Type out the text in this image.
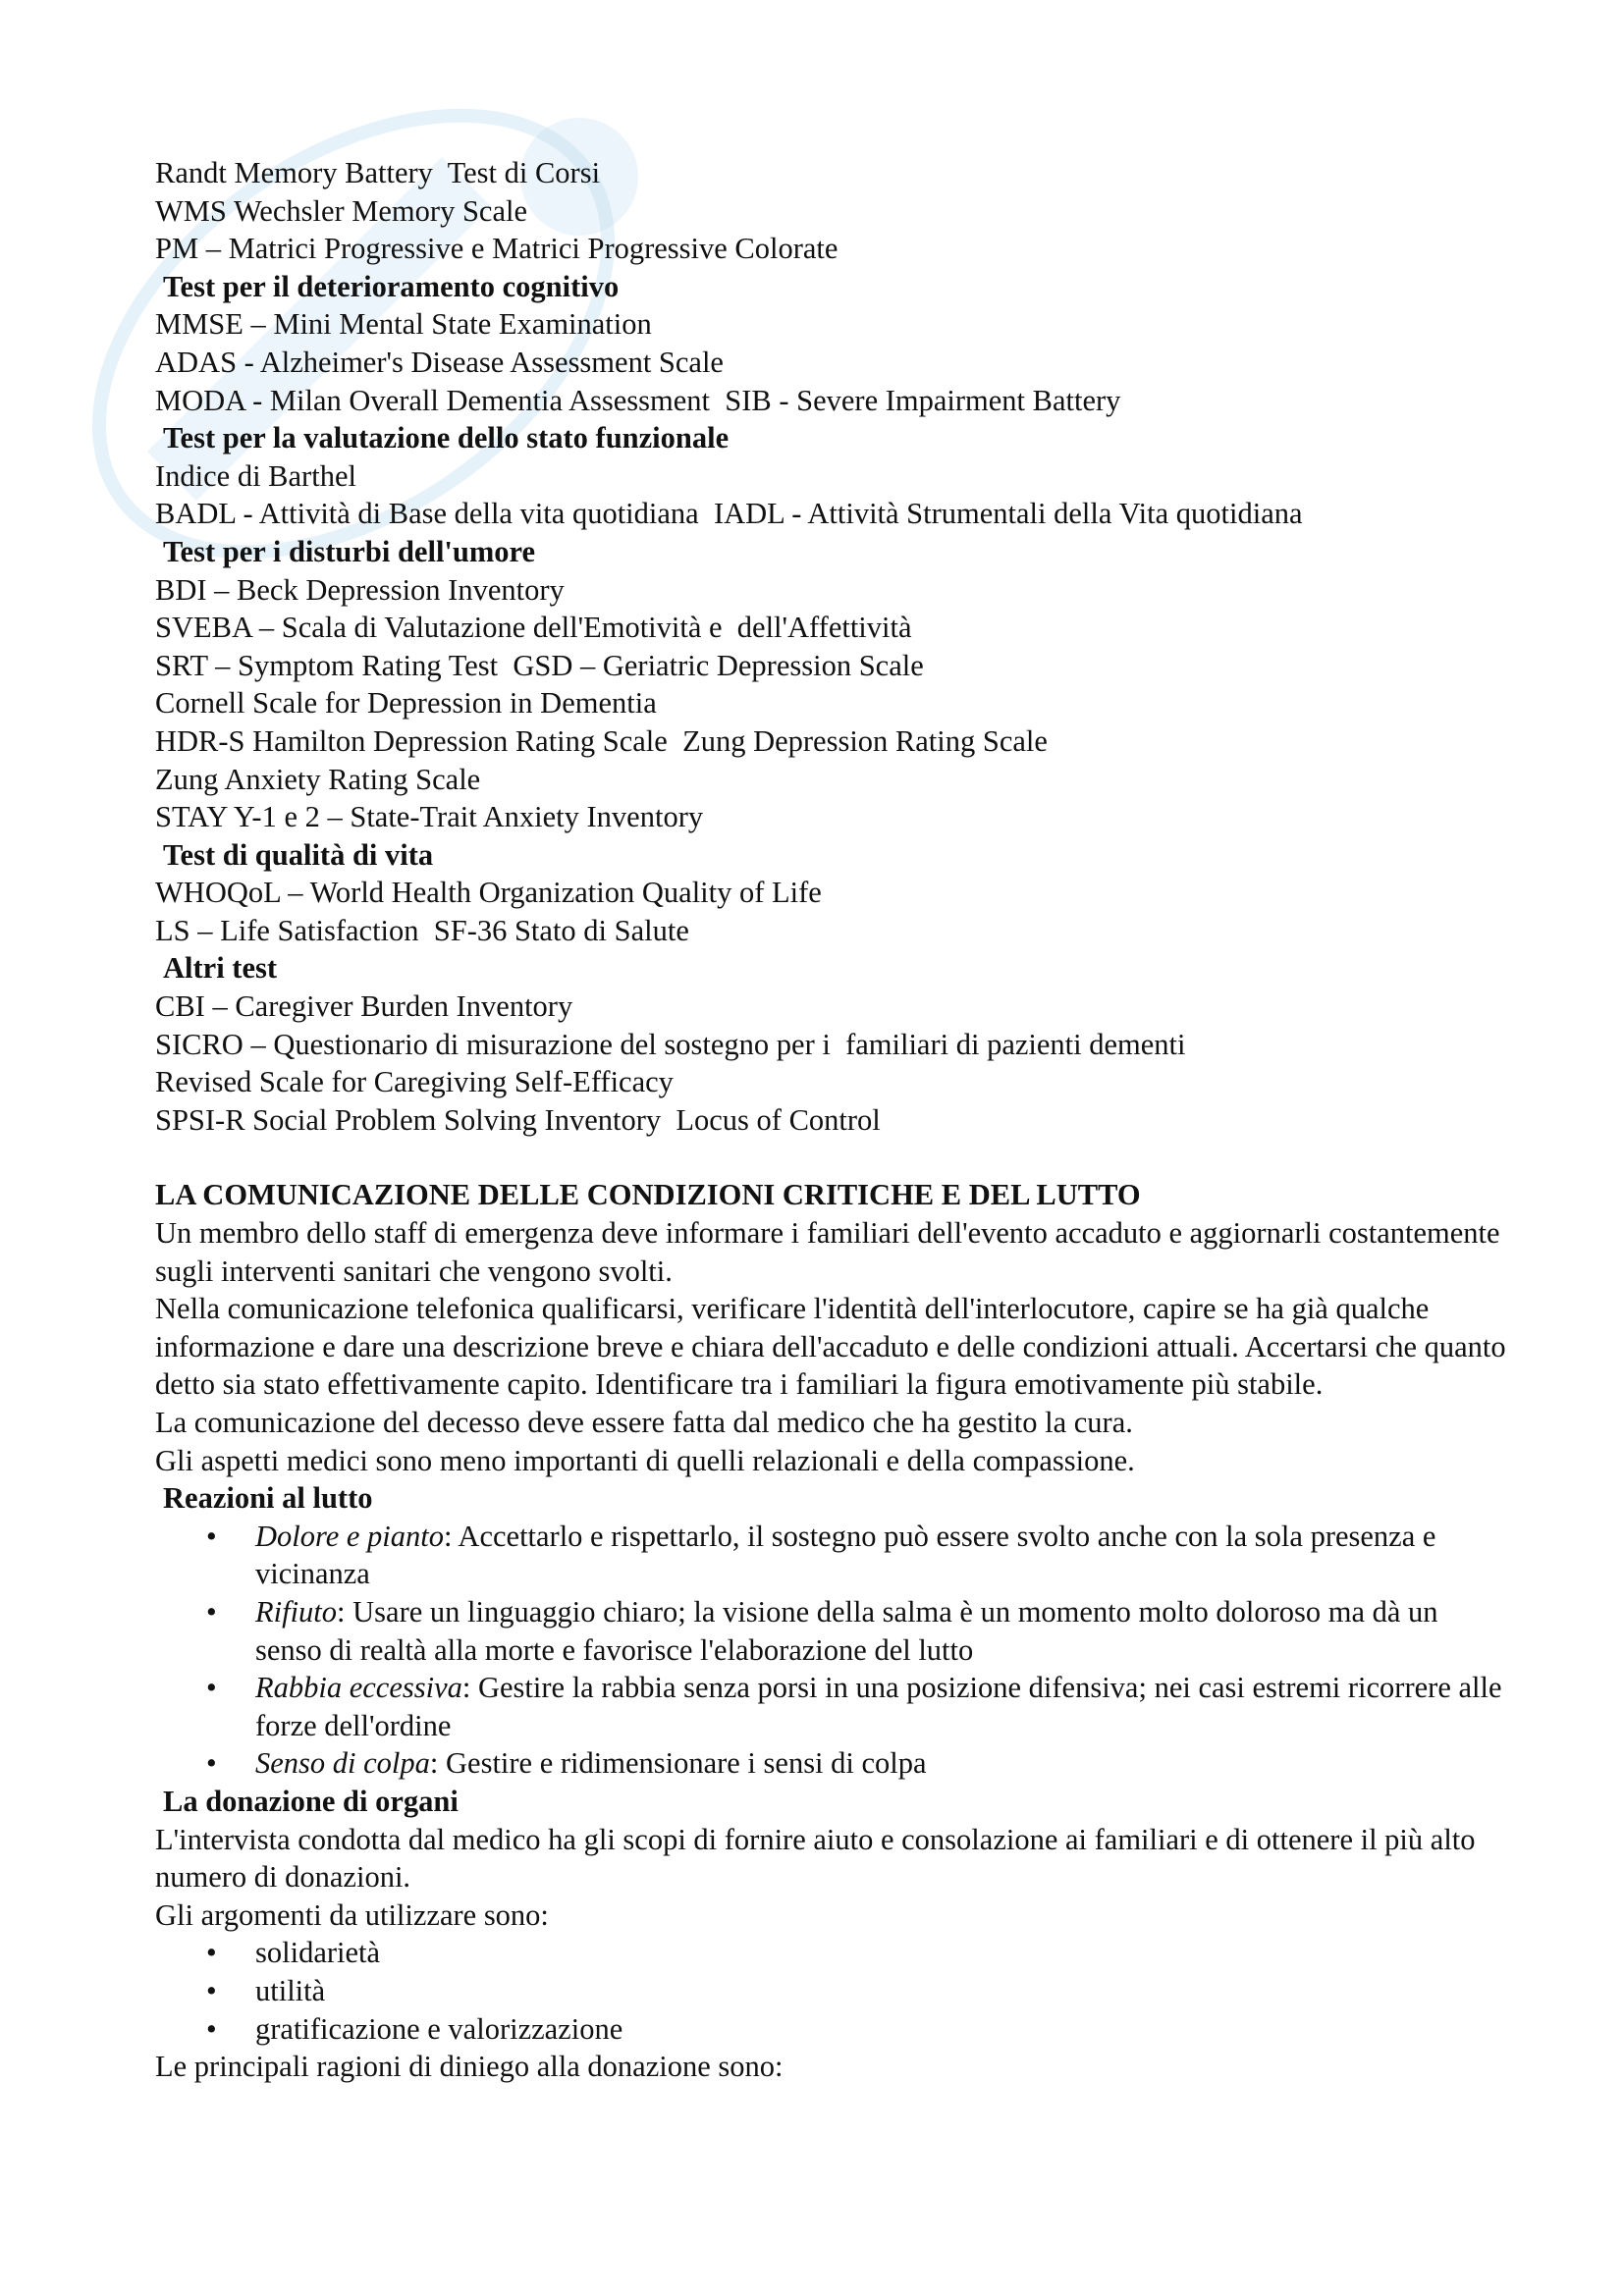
Randt Memory Battery  Test di Corsi

WMS Wechsler Memory Scale

PM – Matrici Progressive e Matrici Progressive Colorate

Test per il deterioramento cognitivo

MMSE – Mini Mental State Examination

ADAS - Alzheimer's Disease Assessment Scale

MODA - Milan Overall Dementia Assessment  SIB - Severe Impairment Battery

Test per la valutazione dello stato funzionale

Indice di Barthel

BADL - Attività di Base della vita quotidiana  IADL - Attività Strumentali della Vita quotidiana

Test per i disturbi dell'umore

BDI – Beck Depression Inventory

SVEBA – Scala di Valutazione dell'Emotività e  dell'Affettività

SRT – Symptom Rating Test  GSD – Geriatric Depression Scale

Cornell Scale for Depression in Dementia

HDR-S Hamilton Depression Rating Scale  Zung Depression Rating Scale

Zung Anxiety Rating Scale

STAY Y-1 e 2 – State-Trait Anxiety Inventory

Test di qualità di vita

WHOQoL – World Health Organization Quality of Life

LS – Life Satisfaction  SF-36 Stato di Salute

Altri test

CBI – Caregiver Burden Inventory

SICRO – Questionario di misurazione del sostegno per i  familiari di pazienti dementi

Revised Scale for Caregiving Self-Efficacy

SPSI-R Social Problem Solving Inventory  Locus of Control

LA COMUNICAZIONE DELLE CONDIZIONI CRITICHE E DEL LUTTO

Un membro dello staff di emergenza deve informare i familiari dell'evento accaduto e aggiornarli costantemente sugli interventi sanitari che vengono svolti.

Nella comunicazione telefonica qualificarsi, verificare l'identità dell'interlocutore, capire se ha già qualche informazione e dare una descrizione breve e chiara dell'accaduto e delle condizioni attuali. Accertarsi che quanto detto sia stato effettivamente capito. Identificare tra i familiari la figura emotivamente più stabile.

La comunicazione del decesso deve essere fatta dal medico che ha gestito la cura.

Gli aspetti medici sono meno importanti di quelli relazionali e della compassione.

Reazioni al lutto

• Dolore e pianto: Accettarlo e rispettarlo, il sostegno può essere svolto anche con la sola presenza e vicinanza
• Rifiuto: Usare un linguaggio chiaro; la visione della salma è un momento molto doloroso ma dà un senso di realtà alla morte e favorisce l'elaborazione del lutto
• Rabbia eccessiva: Gestire la rabbia senza porsi in una posizione difensiva; nei casi estremi ricorrere alle forze dell'ordine
• Senso di colpa: Gestire e ridimensionare i sensi di colpa

La donazione di organi

L'intervista condotta dal medico ha gli scopi di fornire aiuto e consolazione ai familiari e di ottenere il più alto numero di donazioni.

Gli argomenti da utilizzare sono:

• solidarietà
• utilità
• gratificazione e valorizzazione

Le principali ragioni di diniego alla donazione sono:
